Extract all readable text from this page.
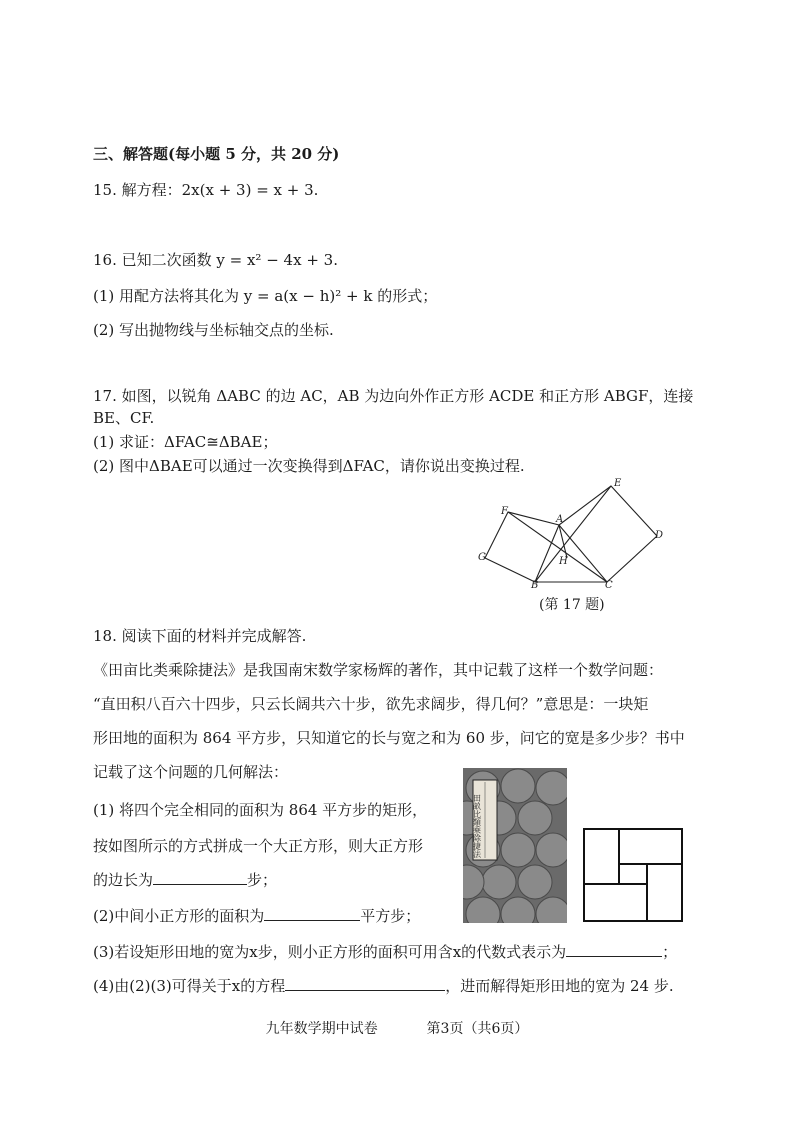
三、解答题(每小题 5 分，共 20 分)
15. 解方程：2x(x + 3) = x + 3.
16. 已知二次函数 y = x² − 4x + 3.
(1) 用配方法将其化为 y = a(x − h)² + k 的形式；
(2) 写出抛物线与坐标轴交点的坐标.
17. 如图，以锐角 ΔABC 的边 AC，AB 为边向外作正方形 ACDE 和正方形 ABGF，连接
BE、CF.
(1) 求证：ΔFAC≅ΔBAE；
(2) 图中ΔBAE可以通过一次变换得到ΔFAC，请你说出变换过程.
E
F
A
D
G	H
B	C
(第 17 题)
18. 阅读下面的材料并完成解答.
《田亩比类乘除捷法》是我国南宋数学家杨辉的著作，其中记载了这样一个数学问题：
“直田积八百六十四步，只云长阔共六十步，欲先求阔步，得几何？”意思是：一块矩
形田地的面积为 864 平方步，只知道它的长与宽之和为 60 步，问它的宽是多少步？书中
记载了这个问题的几何解法：
(1) 将四个完全相同的面积为 864 平方步的矩形，
按如图所示的方式拼成一个大正方形，则大正方形
的边长为	步；
(2)中间小正方形的面积为	平方步；
(3)若设矩形田地的宽为x步，则小正方形的面积可用含x的代数式表示为	；
(4)由(2)(3)可得关于x的方程	，进而解得矩形田地的宽为 24 步.
田畝比類乘除捷法
九年数学期中试卷	第3页（共6页）
